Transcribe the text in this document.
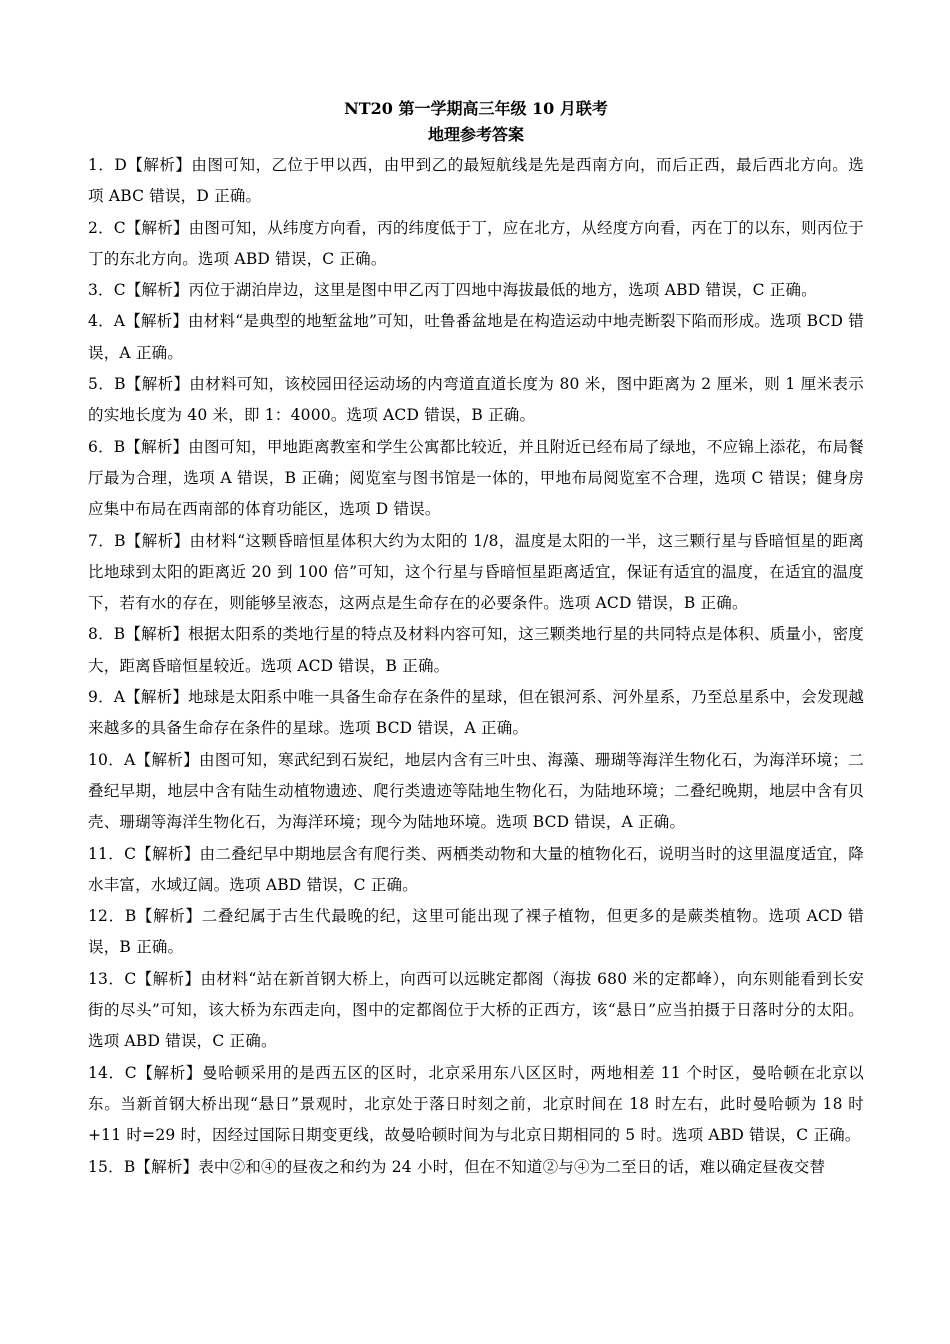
NT20 第一学期高三年级 10 月联考

地理参考答案

1．D【解析】由图可知，乙位于甲以西，由甲到乙的最短航线是先是西南方向，而后正西，最后西北方向。选项 ABC 错误，D 正确。

2．C【解析】由图可知，从纬度方向看，丙的纬度低于丁，应在北方，从经度方向看，丙在丁的以东，则丙位于丁的东北方向。选项 ABD 错误，C 正确。

3．C【解析】丙位于湖泊岸边，这里是图中甲乙丙丁四地中海拔最低的地方，选项 ABD 错误，C 正确。

4．A【解析】由材料“是典型的地堑盆地”可知，吐鲁番盆地是在构造运动中地壳断裂下陷而形成。选项 BCD 错误，A 正确。

5．B【解析】由材料可知，该校园田径运动场的内弯道直道长度为 80 米，图中距离为 2 厘米，则 1 厘米表示的实地长度为 40 米，即 1：4000。选项 ACD 错误，B 正确。

6．B【解析】由图可知，甲地距离教室和学生公寓都比较近，并且附近已经布局了绿地，不应锦上添花，布局餐厅最为合理，选项 A 错误，B 正确；阅览室与图书馆是一体的，甲地布局阅览室不合理，选项 C 错误；健身房应集中布局在西南部的体育功能区，选项 D 错误。

7．B【解析】由材料“这颗昏暗恒星体积大约为太阳的 1/8，温度是太阳的一半，这三颗行星与昏暗恒星的距离比地球到太阳的距离近 20 到 100 倍”可知，这个行星与昏暗恒星距离适宜，保证有适宜的温度，在适宜的温度下，若有水的存在，则能够呈液态，这两点是生命存在的必要条件。选项 ACD 错误，B 正确。

8．B【解析】根据太阳系的类地行星的特点及材料内容可知，这三颗类地行星的共同特点是体积、质量小，密度大，距离昏暗恒星较近。选项 ACD 错误，B 正确。

9．A【解析】地球是太阳系中唯一具备生命存在条件的星球，但在银河系、河外星系，乃至总星系中，会发现越来越多的具备生命存在条件的星球。选项 BCD 错误，A 正确。

10．A【解析】由图可知，寒武纪到石炭纪，地层内含有三叶虫、海藻、珊瑚等海洋生物化石，为海洋环境；二叠纪早期，地层中含有陆生动植物遗迹、爬行类遗迹等陆地生物化石，为陆地环境；二叠纪晚期，地层中含有贝壳、珊瑚等海洋生物化石，为海洋环境；现今为陆地环境。选项 BCD 错误，A 正确。

11．C【解析】由二叠纪早中期地层含有爬行类、两栖类动物和大量的植物化石，说明当时的这里温度适宜，降水丰富，水域辽阔。选项 ABD 错误，C 正确。

12．B【解析】二叠纪属于古生代最晚的纪，这里可能出现了裸子植物，但更多的是蕨类植物。选项 ACD 错误，B 正确。

13．C【解析】由材料“站在新首钢大桥上，向西可以远眺定都阁（海拔 680 米的定都峰），向东则能看到长安街的尽头”可知，该大桥为东西走向，图中的定都阁位于大桥的正西方，该“悬日”应当拍摄于日落时分的太阳。选项 ABD 错误，C 正确。

14．C【解析】曼哈顿采用的是西五区的区时，北京采用东八区区时，两地相差 11 个时区，曼哈顿在北京以东。当新首钢大桥出现“悬日”景观时，北京处于落日时刻之前，北京时间在 18 时左右，此时曼哈顿为 18 时+11 时=29 时，因经过国际日期变更线，故曼哈顿时间为与北京日期相同的 5 时。选项 ABD 错误，C 正确。

15．B【解析】表中②和④的昼夜之和约为 24 小时，但在不知道②与④为二至日的话，难以确定昼夜交替
